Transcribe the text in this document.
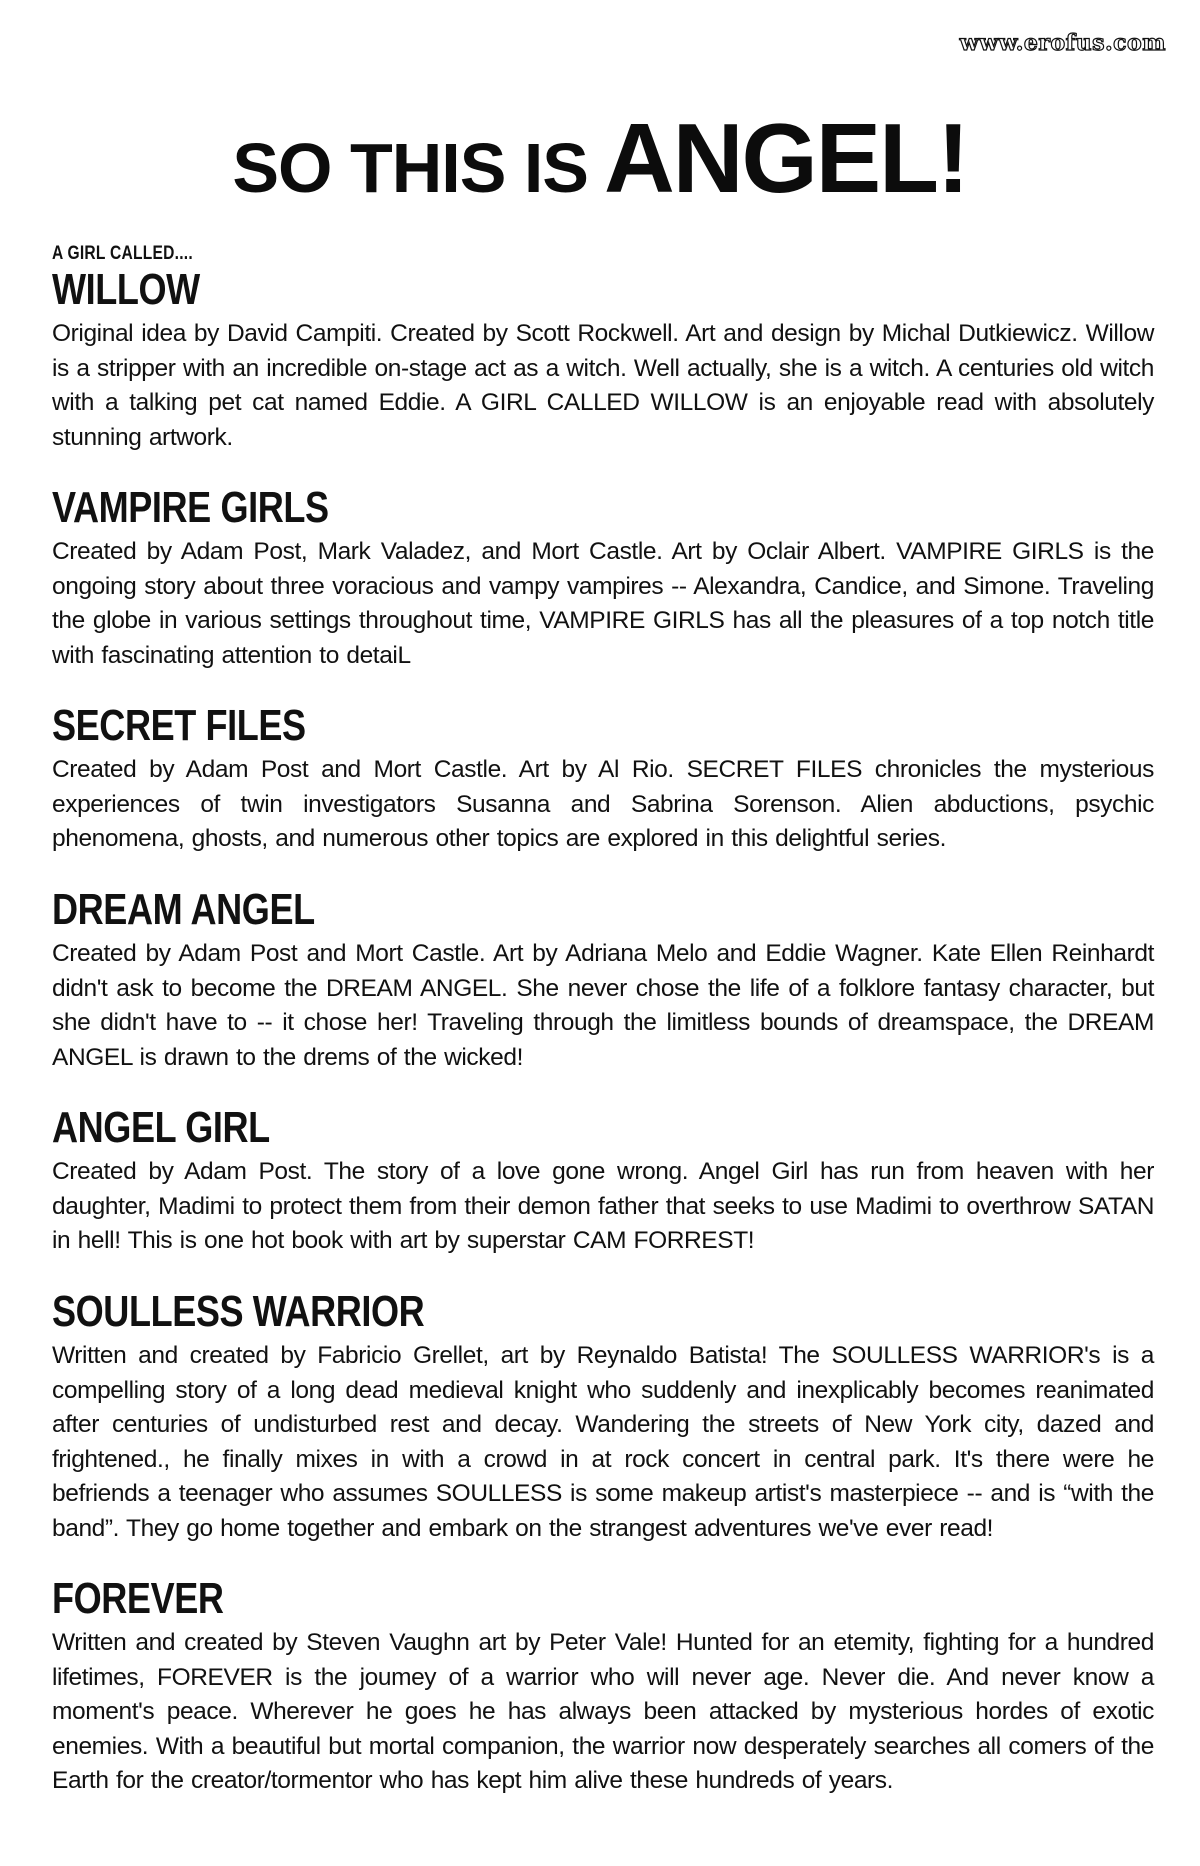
www.erofus.com
SO THIS IS ANGEL!
A GIRL CALLED....
WILLOW

Original idea by David Campiti. Created by Scott Rockwell. Art and design by Michal Dutkiewicz. Willow is a stripper with an incredible on-stage act as a witch. Well actually, she is a witch. A centuries old witch with a talking pet cat named Eddie. A GIRL CALLED WILLOW is an enjoyable read with absolutely stunning artwork.

VAMPIRE GIRLS

Created by Adam Post, Mark Valadez, and Mort Castle. Art by Oclair Albert. VAMPIRE GIRLS is the ongoing story about three voracious and vampy vampires -- Alexandra, Candice, and Simone. Traveling the globe in various settings throughout time, VAMPIRE GIRLS has all the pleasures of a top notch title with fascinating attention to detaiL

SECRET FILES

Created by Adam Post and Mort Castle. Art by Al Rio. SECRET FILES chronicles the mysterious experiences of twin investigators Susanna and Sabrina Sorenson. Alien abductions, psychic phenomena, ghosts, and numerous other topics are explored in this delightful series.

DREAM ANGEL

Created by Adam Post and Mort Castle. Art by Adriana Melo and Eddie Wagner. Kate Ellen Reinhardt didn't ask to become the DREAM ANGEL. She never chose the life of a folklore fantasy character, but she didn't have to -- it chose her! Traveling through the limitless bounds of dreamspace, the DREAM ANGEL is drawn to the drems of the wicked!

ANGEL GIRL

Created by Adam Post. The story of a love gone wrong. Angel Girl has run from heaven with her daughter, Madimi to protect them from their demon father that seeks to use Madimi to overthrow SATAN in hell! This is one hot book with art by superstar CAM FORREST!

SOULLESS WARRIOR

Written and created by Fabricio Grellet, art by Reynaldo Batista! The SOULLESS WARRIOR's is a compelling story of a long dead medieval knight who suddenly and inexplicably becomes reanimated after centuries of undisturbed rest and decay. Wandering the streets of New York city, dazed and frightened., he finally mixes in with a crowd in at rock concert in central park. It's there were he befriends a teenager who assumes SOULLESS is some makeup artist's masterpiece -- and is “with the band”. They go home together and embark on the strangest adventures we've ever read!

FOREVER

Written and created by Steven Vaughn art by Peter Vale! Hunted for an etemity, fighting for a hundred lifetimes, FOREVER is the joumey of a warrior who will never age. Never die. And never know a moment's peace. Wherever he goes he has always been attacked by mysterious hordes of exotic enemies. With a beautiful but mortal companion, the warrior now desperately searches all comers of the Earth for the creator/tormentor who has kept him alive these hundreds of years.
